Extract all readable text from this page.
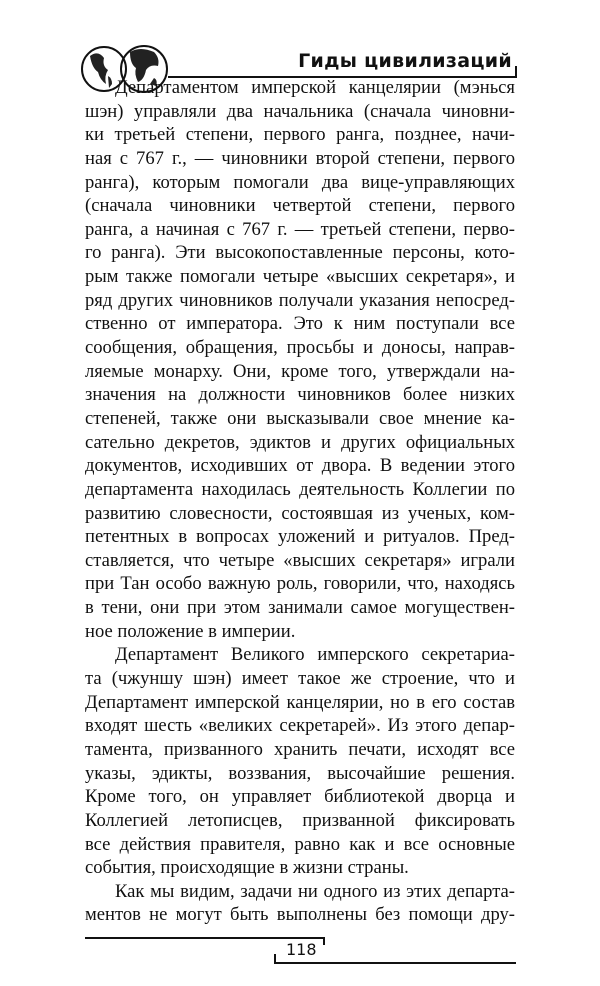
Гиды цивилизаций
Департаментом имперской канцелярии (мэнься
шэн) управляли два начальника (сначала чиновни-
ки третьей степени, первого ранга, позднее, начи-
ная с 767 г., — чиновники второй степени, первого
ранга), которым помогали два вице-управляющих
(сначала чиновники четвертой степени, первого
ранга, а начиная с 767 г. — третьей степени, перво-
го ранга). Эти высокопоставленные персоны, кото-
рым также помогали четыре «высших секретаря», и
ряд других чиновников получали указания непосред-
ственно от императора. Это к ним поступали все
сообщения, обращения, просьбы и доносы, направ-
ляемые монарху. Они, кроме того, утверждали на-
значения на должности чиновников более низких
степеней, также они высказывали свое мнение ка-
сательно декретов, эдиктов и других официальных
документов, исходивших от двора. В ведении этого
департамента находилась деятельность Коллегии по
развитию словесности, состоявшая из ученых, ком-
петентных в вопросах уложений и ритуалов. Пред-
ставляется, что четыре «высших секретаря» играли
при Тан особо важную роль, говорили, что, находясь
в тени, они при этом занимали самое могуществен-
ное положение в империи.
Департамент Великого имперского секретариа-
та (чжуншу шэн) имеет такое же строение, что и
Департамент имперской канцелярии, но в его состав
входят шесть «великих секретарей». Из этого депар-
тамента, призванного хранить печати, исходят все
указы, эдикты, воззвания, высочайшие решения.
Кроме того, он управляет библиотекой дворца и
Коллегией летописцев, призванной фиксировать
все действия правителя, равно как и все основные
события, происходящие в жизни страны.
Как мы видим, задачи ни одного из этих департа-
ментов не могут быть выполнены без помощи дру-
118
